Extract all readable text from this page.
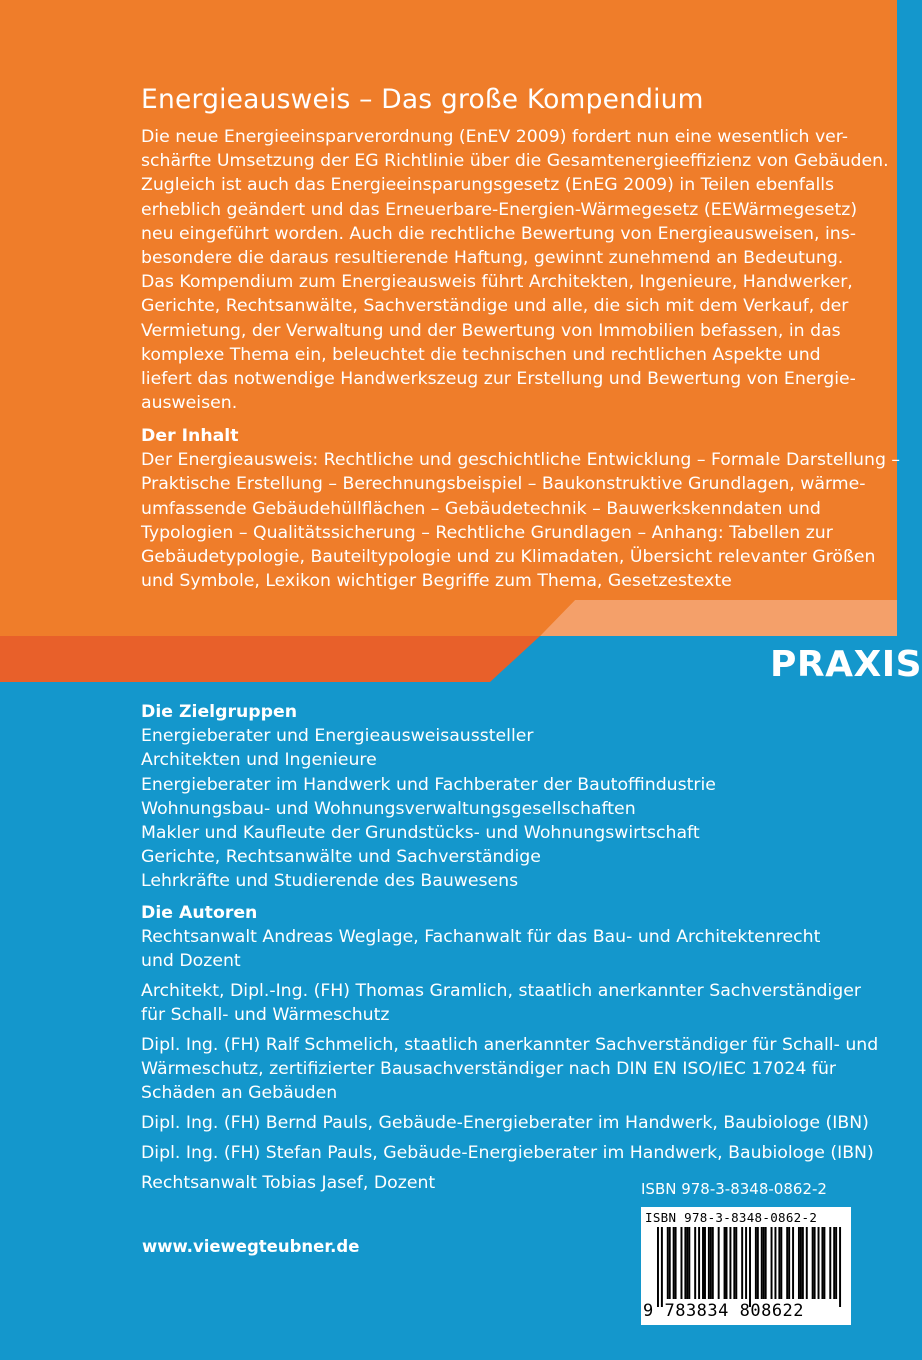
PRAXIS
Energieausweis – Das große Kompendium
Die neue Energieeinsparverordnung (EnEV 2009) fordert nun eine wesentlich ver-
schärfte Umsetzung der EG Richtlinie über die Gesamtenergieeffizienz von Gebäuden.
Zugleich ist auch das Energieeinsparungsgesetz (EnEG 2009) in Teilen ebenfalls
erheblich geändert und das Erneuerbare-Energien-Wärmegesetz (EEWärmegesetz)
neu eingeführt worden. Auch die rechtliche Bewertung von Energieausweisen, ins-
besondere die daraus resultierende Haftung, gewinnt zunehmend an Bedeutung.
Das Kompendium zum Energieausweis führt Architekten, Ingenieure, Handwerker,
Gerichte, Rechtsanwälte, Sachverständige und alle, die sich mit dem Verkauf, der
Vermietung, der Verwaltung und der Bewertung von Immobilien befassen, in das
komplexe Thema ein, beleuchtet die technischen und rechtlichen Aspekte und
liefert das notwendige Handwerkszeug zur Erstellung und Bewertung von Energie-
ausweisen.
Der Inhalt
Der Energieausweis: Rechtliche und geschichtliche Entwicklung – Formale Darstellung –
Praktische Erstellung – Berechnungsbeispiel – Baukonstruktive Grundlagen, wärme-
umfassende Gebäudehüllflächen – Gebäudetechnik – Bauwerkskenndaten und
Typologien – Qualitätssicherung – Rechtliche Grundlagen – Anhang: Tabellen zur
Gebäudetypologie, Bauteiltypologie und zu Klimadaten, Übersicht relevanter Größen
und Symbole, Lexikon wichtiger Begriffe zum Thema, Gesetzestexte
Die Zielgruppen
Energieberater und Energieausweisaussteller
Architekten und Ingenieure
Energieberater im Handwerk und Fachberater der Bautoffindustrie
Wohnungsbau- und Wohnungsverwaltungsgesellschaften
Makler und Kaufleute der Grundstücks- und Wohnungswirtschaft
Gerichte, Rechtsanwälte und Sachverständige
Lehrkräfte und Studierende des Bauwesens
Die Autoren
Rechtsanwalt Andreas Weglage, Fachanwalt für das Bau- und Architektenrecht
und Dozent
Architekt, Dipl.-Ing. (FH) Thomas Gramlich, staatlich anerkannter Sachverständiger
für Schall- und Wärmeschutz
Dipl. Ing. (FH) Ralf Schmelich, staatlich anerkannter Sachverständiger für Schall- und
Wärmeschutz, zertifizierter Bausachverständiger nach DIN EN ISO/IEC 17024 für
Schäden an Gebäuden
Dipl. Ing. (FH) Bernd Pauls, Gebäude-Energieberater im Handwerk, Baubiologe (IBN)
Dipl. Ing. (FH) Stefan Pauls, Gebäude-Energieberater im Handwerk, Baubiologe (IBN)
Rechtsanwalt Tobias Jasef, Dozent	ISBN 978-3-8348-0862-2
ISBN 978-3-8348-0862-2
9 783834 808622
www.viewegteubner.de
